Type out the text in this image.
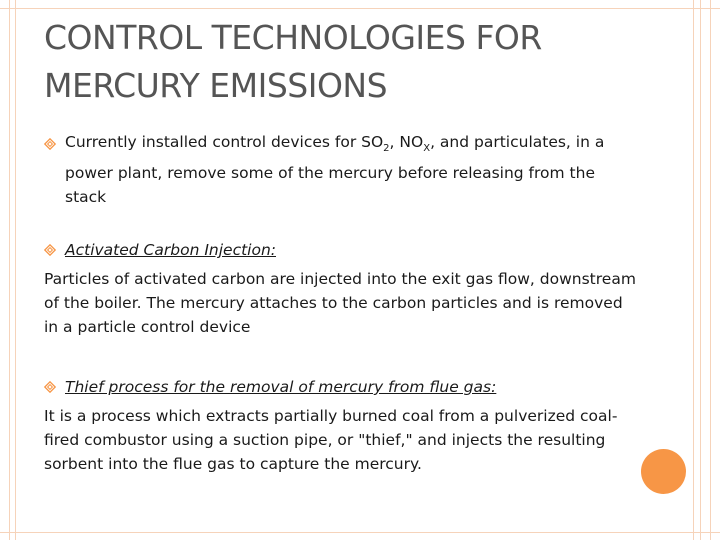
CONTROL TECHNOLOGIES FOR
MERCURY EMISSIONS
Currently installed control devices for $SO_2$, $NO_X$, and particulates, in a
power plant, remove some of the mercury before releasing from the
stack
Activated Carbon Injection:
Particles of activated carbon are injected into the exit gas flow, downstream
of the boiler. The mercury attaches to the carbon particles and is removed
in a particle control device
Thief process for the removal of mercury from flue gas:
It is a process which extracts partially burned coal from a pulverized coal-
fired combustor using a suction pipe, or "thief," and injects the resulting
sorbent into the flue gas to capture the mercury.
